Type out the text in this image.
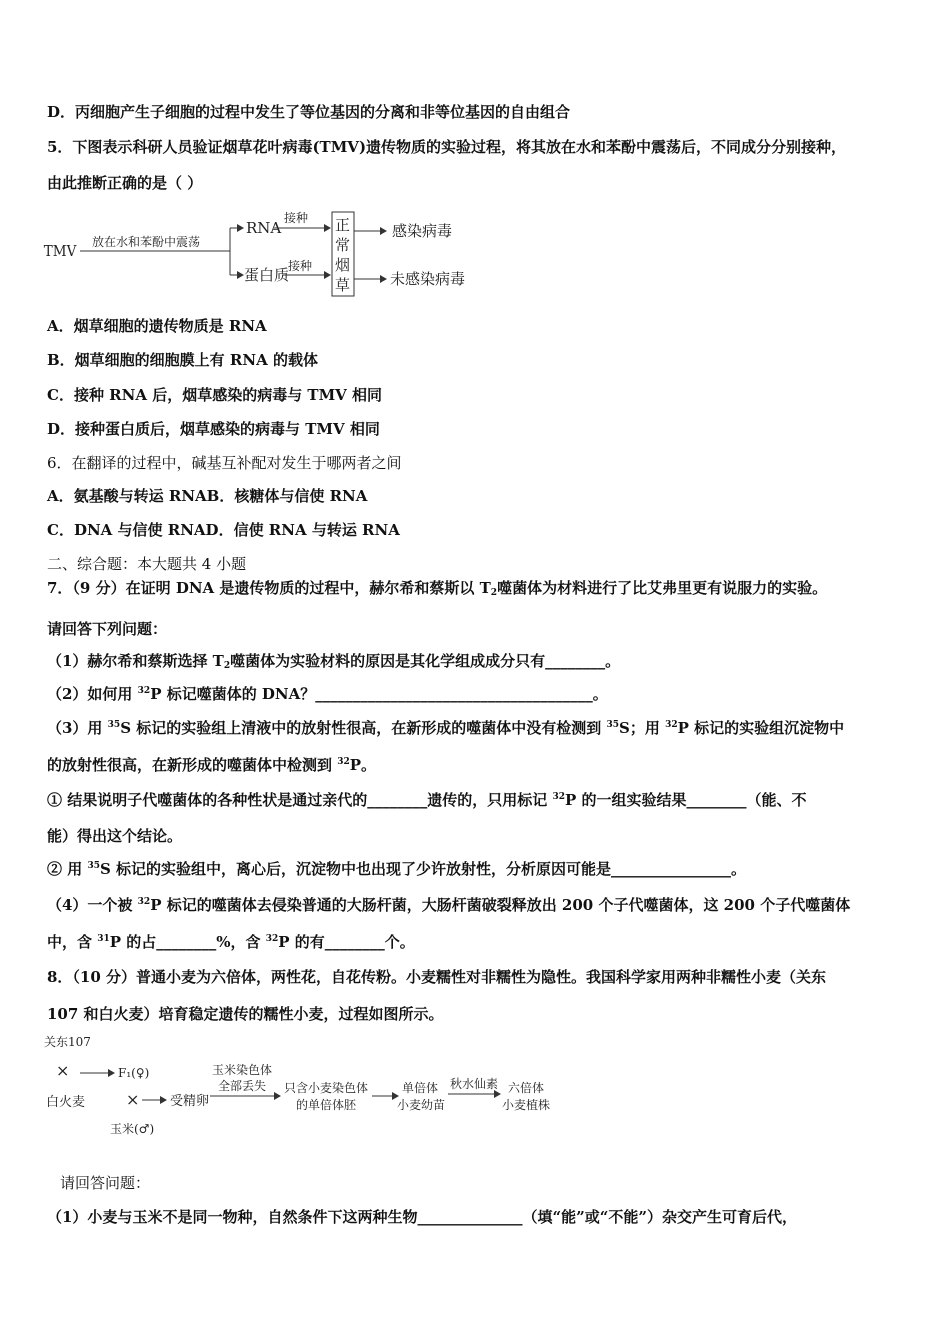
D．丙细胞产生子细胞的过程中发生了等位基因的分离和非等位基因的自由组合
5．下图表示科研人员验证烟草花叶病毒(TMV)遗传物质的实验过程，将其放在水和苯酚中震荡后，不同成分分别接种，
由此推断正确的是（ ）
TMV
放在水和苯酚中震荡
RNA
蛋白质
接种
接种
正
常
烟
草
感染病毒
未感染病毒
A．烟草细胞的遗传物质是 RNA
B．烟草细胞的细胞膜上有 RNA 的载体
C．接种 RNA 后，烟草感染的病毒与 TMV 相同
D．接种蛋白质后，烟草感染的病毒与 TMV 相同
6．在翻译的过程中，碱基互补配对发生于哪两者之间
A．氨基酸与转运 RNAB．核糖体与信使 RNA
C．DNA 与信使 RNAD．信使 RNA 与转运 RNA
二、综合题：本大题共 4 小题
7．（9 分）在证明 DNA 是遗传物质的过程中，赫尔希和蔡斯以 $T_2$噬菌体为材料进行了比艾弗里更有说服力的实验。
请回答下列问题：
（1）赫尔希和蔡斯选择 $T_2$噬菌体为实验材料的原因是其化学组成成分只有________。
（2）如何用 $^{32}$P 标记噬菌体的 DNA？_____________________________________。
（3）用 $^{35}$S 标记的实验组上清液中的放射性很高，在新形成的噬菌体中没有检测到 $^{35}$S；用 $^{32}$P 标记的实验组沉淀物中
的放射性很高，在新形成的噬菌体中检测到 $^{32}$P。
① 结果说明子代噬菌体的各种性状是通过亲代的________遗传的，只用标记 $^{32}$P 的一组实验结果________（能、不
能）得出这个结论。
② 用 $^{35}$S 标记的实验组中，离心后，沉淀物中也出现了少许放射性，分析原因可能是________________。
（4）一个被 $^{32}$P 标记的噬菌体去侵染普通的大肠杆菌，大肠杆菌破裂释放出 200 个子代噬菌体，这 200 个子代噬菌体
中，含 $^{31}$P 的占________%，含 $^{32}$P 的有________个。
8．（10 分）普通小麦为六倍体，两性花，自花传粉。小麦糯性对非糯性为隐性。我国科学家用两种非糯性小麦（关东
107 和白火麦）培育稳定遗传的糯性小麦，过程如图所示。
关东107
×
白火麦
F₁(♀)
×
玉米(♂)
受精卵
玉米染色体
全部丢失 只含小麦染色体
的单倍体胚
单倍体
小麦幼苗
秋水仙素 六倍体
小麦植株
请回答问题：
（1）小麦与玉米不是同一物种，自然条件下这两种生物______________（填“能”或“不能”）杂交产生可育后代，
